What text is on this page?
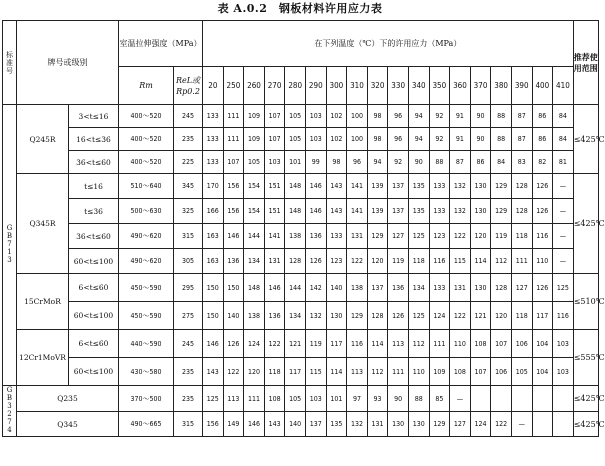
表 A.0.2　钢板材料许用应力表
标准号	牌号或级别		室温拉伸强度（MPa）		在下列温度（℃）下的许用应力（MPa）																		推荐使用范围
			Rm	ReL或Rp0.2	20	250	260	270	280	290	300	310	320	330	340	350	360	370	380	390	400	410	
GB 713	Q245R	3<t≤16	400～520	245	133	111	109	107	105	103	102	100	98	96	94	92	91	90	88	87	86	84	≤425℃
		16<t≤36	400～520	235	133	111	109	107	105	103	102	100	98	96	94	92	91	90	88	87	86	84	
		36<t≤60	400～520	225	133	107	105	103	101	99	98	96	94	92	90	88	87	86	84	83	82	81	
	Q345R	t≤16	510～640	345	170	156	154	151	148	146	143	141	139	137	135	133	132	130	129	128	126	—	≤425℃
		t≤36	500～630	325	166	156	154	151	148	146	143	141	139	137	135	133	132	130	129	128	126	—	
		36<t≤60	490～620	315	163	146	144	141	138	136	133	131	129	127	125	123	122	120	119	118	116	—	
		60<t≤100	490～620	305	163	136	134	131	128	126	123	122	120	119	118	116	115	114	112	111	110	—	
	15CrMoR	6<t≤60	450～590	295	150	150	148	146	144	142	140	138	137	136	134	133	131	130	128	127	126	125	≤510℃
		60<t≤100	450～590	275	150	140	138	136	134	132	130	129	128	126	125	124	122	121	120	118	117	116	
	12Cr1MoVR	6<t≤60	440～590	245	146	126	124	122	121	119	117	116	114	113	112	111	110	108	107	106	104	103	≤555℃
		60<t≤100	430～580	235	143	122	120	118	117	115	114	113	112	111	110	109	108	107	106	105	104	103	
GB 3274	Q235		370～500	235	125	113	111	108	105	103	101	97	93	90	88	85	—						≤425℃
	Q345		490～665	315	156	149	146	143	140	137	135	132	131	130	130	129	127	124	122	—			≤425℃
